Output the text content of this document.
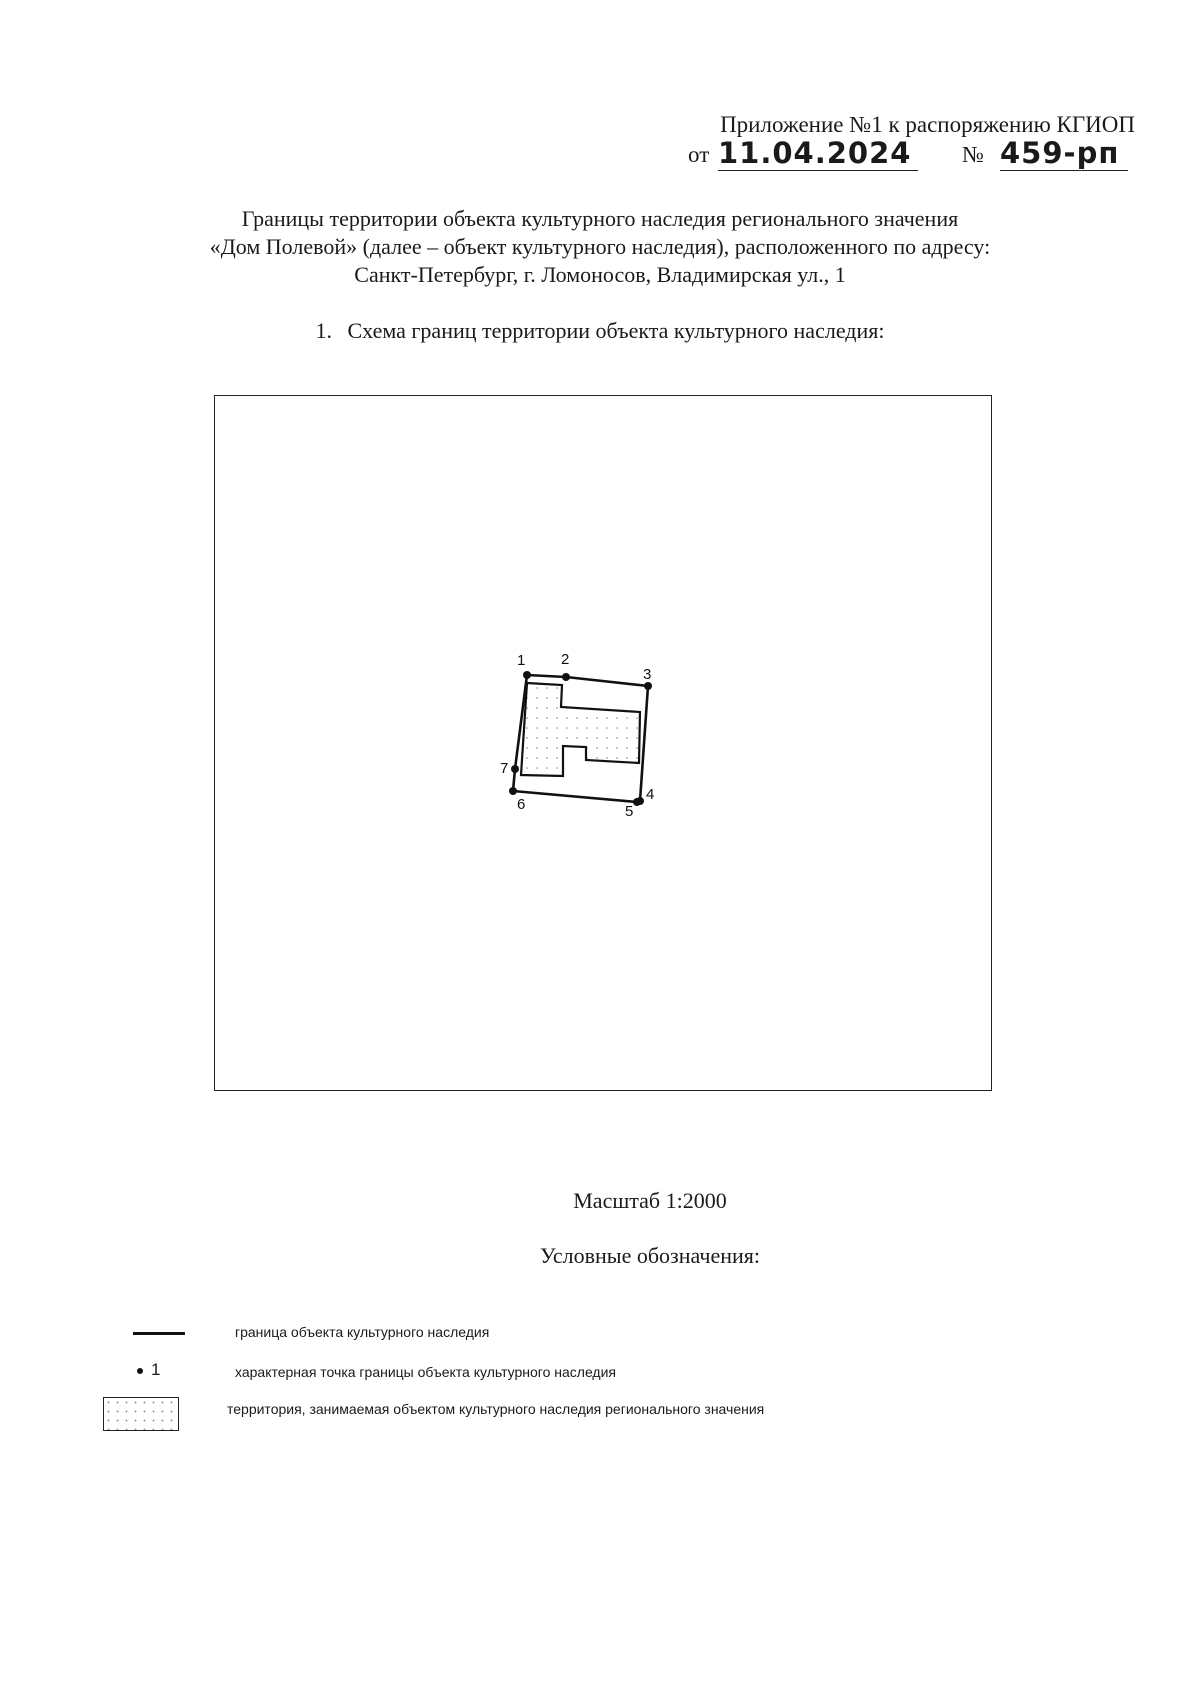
Приложение №1 к распоряжению КГИОП
от 11.04.2024 № 459-рп
Границы территории объекта культурного наследия регионального значения
«Дом Полевой» (далее – объект культурного наследия), расположенного по адресу:
Санкт-Петербург, г. Ломоносов, Владимирская ул., 1
1. Схема границ территории объекта культурного наследия:
1 2
3
4
5
6
7
Масштаб 1:2000
Условные обозначения:
граница объекта культурного наследия
1	характерная точка границы объекта культурного наследия
территория, занимаемая объектом культурного наследия регионального значения
